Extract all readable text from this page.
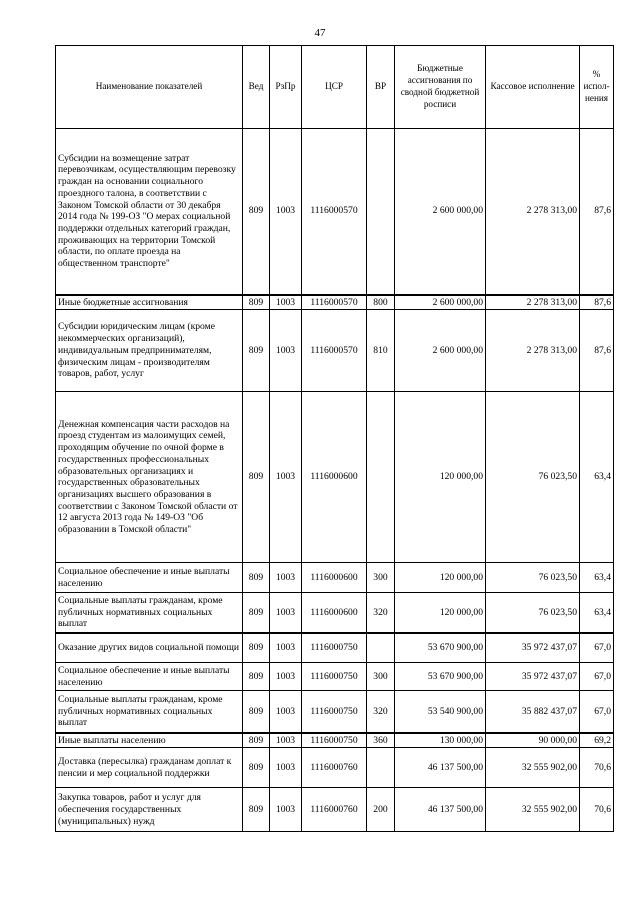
47
Наименование показателей	Вед	РзПр	ЦСР	ВР	Бюджетные ассигнования по сводной бюджетной росписи	Кассовое исполнение	% испол-нения
Субсидии на возмещение затрат перевозчикам, осуществляющим перевозку граждан на основании социального проездного талона, в соответствии с Законом Томской области от 30 декабря 2014 года № 199-ОЗ "О мерах социальной поддержки отдельных категорий граждан, проживающих на территории Томской области, по оплате проезда на общественном транспорте"	809	1003	1116000570		2 600 000,00	2 278 313,00	87,6
Иные бюджетные ассигнования	809	1003	1116000570	800	2 600 000,00	2 278 313,00	87,6
Субсидии юридическим лицам (кроме некоммерческих организаций), индивидуальным предпринимателям, физическим лицам - производителям товаров, работ, услуг	809	1003	1116000570	810	2 600 000,00	2 278 313,00	87,6
Денежная компенсация части расходов на проезд студентам из малоимущих семей, проходящим обучение по очной форме в государственных профессиональных образовательных организациях и государственных образовательных организациях высшего образования в соответствии с Законом Томской области от 12 августа 2013 года № 149-ОЗ "Об образовании в Томской области"	809	1003	1116000600		120 000,00	76 023,50	63,4
Социальное обеспечение и иные выплаты населению	809	1003	1116000600	300	120 000,00	76 023,50	63,4
Социальные выплаты гражданам, кроме публичных нормативных социальных выплат	809	1003	1116000600	320	120 000,00	76 023,50	63,4
Оказание других видов социальной помощи	809	1003	1116000750		53 670 900,00	35 972 437,07	67,0
Социальное обеспечение и иные выплаты населению	809	1003	1116000750	300	53 670 900,00	35 972 437,07	67,0
Социальные выплаты гражданам, кроме публичных нормативных социальных выплат	809	1003	1116000750	320	53 540 900,00	35 882 437,07	67,0
Иные выплаты населению	809	1003	1116000750	360	130 000,00	90 000,00	69,2
Доставка (пересылка) гражданам доплат к пенсии и мер социальной поддержки	809	1003	1116000760		46 137 500,00	32 555 902,00	70,6
Закупка товаров, работ и услуг для обеспечения государственных (муниципальных) нужд	809	1003	1116000760	200	46 137 500,00	32 555 902,00	70,6
